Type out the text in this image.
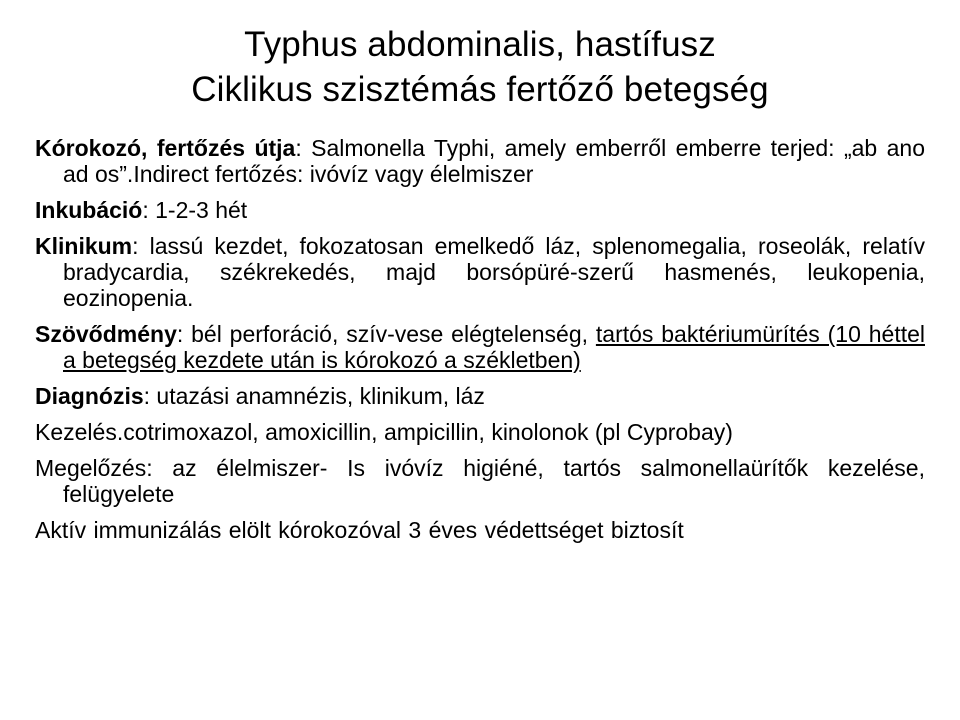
Typhus abdominalis, hastífusz
Ciklikus szisztémás fertőző betegség

Kórokozó, fertőzés útja: Salmonella Typhi, amely emberről emberre terjed: „ab ano ad os”.Indirect fertőzés: ivóvíz vagy élelmiszer

Inkubáció: 1-2-3 hét

Klinikum: lassú kezdet, fokozatosan emelkedő láz, splenomegalia, roseolák, relatív bradycardia, székrekedés, majd borsópüré-szerű hasmenés, leukopenia, eozinopenia.

Szövődmény: bél perforáció, szív-vese elégtelenség, tartós baktériumürítés (10 héttel a betegség kezdete után is kórokozó a székletben)

Diagnózis: utazási anamnézis, klinikum, láz

Kezelés.cotrimoxazol, amoxicillin, ampicillin, kinolonok (pl Cyprobay)

Megelőzés: az élelmiszer- Is ivóvíz higiéné, tartós salmonellaürítők kezelése, felügyelete

Aktív immunizálás elölt kórokozóval 3 éves védettséget biztosít
